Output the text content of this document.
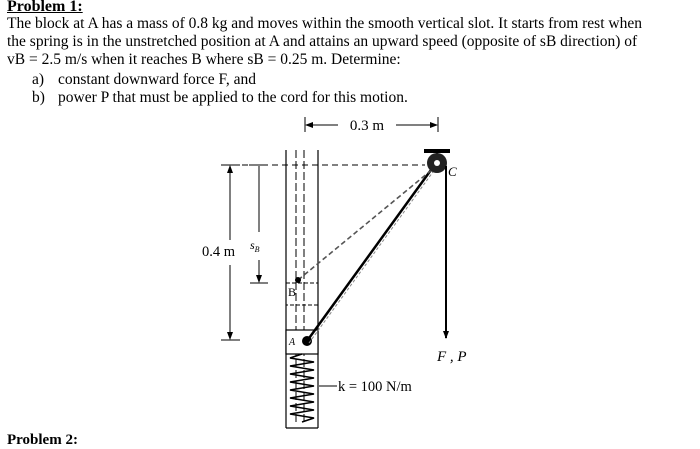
Problem 1:
The block at A has a mass of 0.8 kg and moves within the smooth vertical slot. It starts from rest when
the spring is in the unstretched position at A and attains an upward speed (opposite of sB direction) of
vB = 2.5 m/s when it reaches B where sB = 0.25 m. Determine:
a) constant downward force F, and
b) power P that must be applied to the cord for this motion.
0.3 m
0.4 m $s_B$
B
A
k = 100 N/m
C
F , P
Problem 2:
